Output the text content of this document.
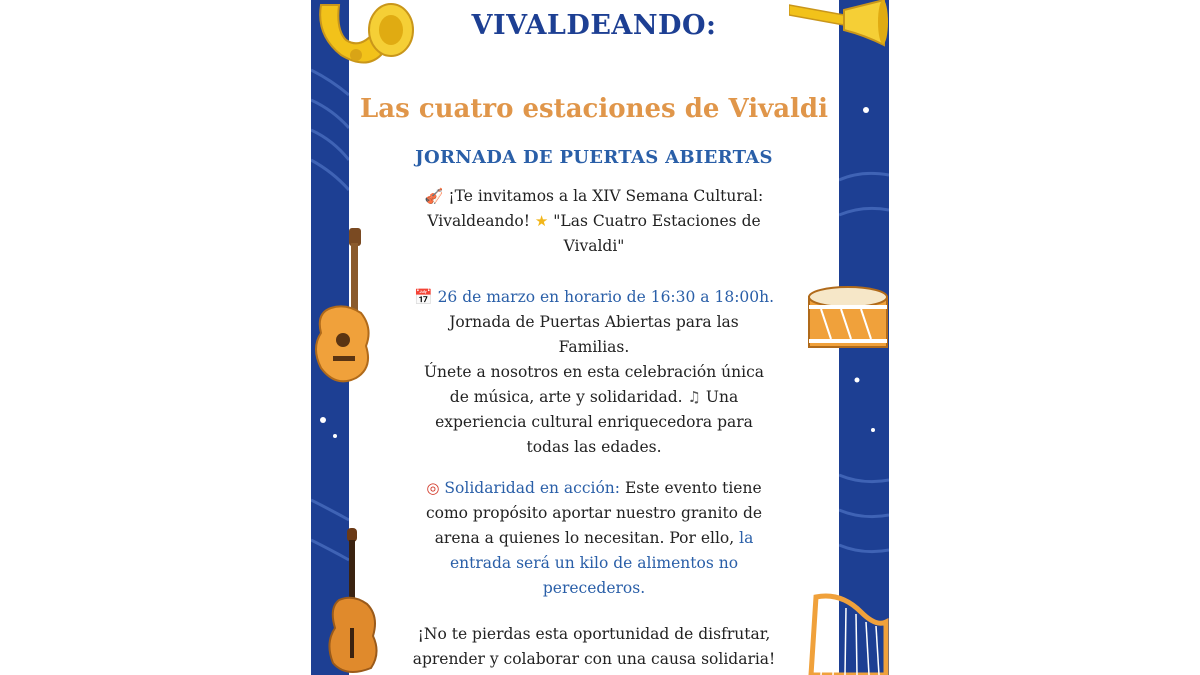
VIVALDEANDO:
Las cuatro estaciones de Vivaldi
JORNADA DE PUERTAS ABIERTAS
🎻 ¡Te invitamos a la XIV Semana Cultural:
Vivaldeando! ★ "Las Cuatro Estaciones de
Vivaldi"
📅 26 de marzo en horario de 16:30 a 18:00h.
Jornada de Puertas Abiertas para las
Familias.
Únete a nosotros en esta celebración única
de música, arte y solidaridad. ♫ Una
experiencia cultural enriquecedora para
todas las edades.
◎ Solidaridad en acción: Este evento tiene
como propósito aportar nuestro granito de
arena a quienes lo necesitan. Por ello, la
entrada será un kilo de alimentos no
perecederos.
¡No te pierdas esta oportunidad de disfrutar,
aprender y colaborar con una causa solidaria!
